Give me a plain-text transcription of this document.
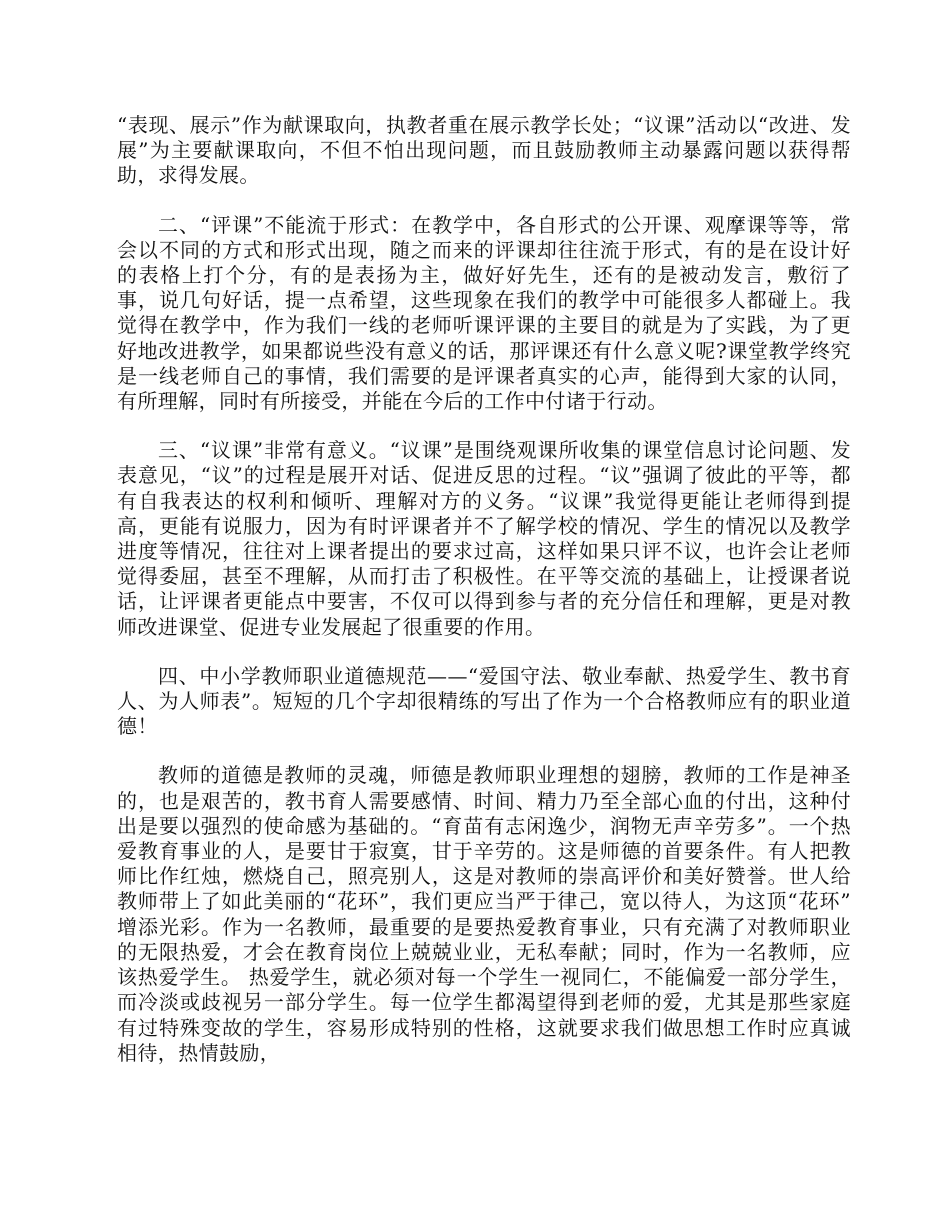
“表现、展示”作为献课取向，执教者重在展示教学长处；“议课”活动以“改进、发展”为主要献课取向，不但不怕出现问题，而且鼓励教师主动暴露问题以获得帮助，求得发展。

二、“评课”不能流于形式：在教学中，各自形式的公开课、观摩课等等，常会以不同的方式和形式出现，随之而来的评课却往往流于形式，有的是在设计好的表格上打个分，有的是表扬为主，做好好先生，还有的是被动发言，敷衍了事，说几句好话，提一点希望，这些现象在我们的教学中可能很多人都碰上。我觉得在教学中，作为我们一线的老师听课评课的主要目的就是为了实践，为了更好地改进教学，如果都说些没有意义的话，那评课还有什么意义呢?课堂教学终究是一线老师自己的事情，我们需要的是评课者真实的心声，能得到大家的认同，有所理解，同时有所接受，并能在今后的工作中付诸于行动。

三、“议课”非常有意义。“议课”是围绕观课所收集的课堂信息讨论问题、发表意见，“议”的过程是展开对话、促进反思的过程。“议”强调了彼此的平等，都有自我表达的权利和倾听、理解对方的义务。“议课”我觉得更能让老师得到提高，更能有说服力，因为有时评课者并不了解学校的情况、学生的情况以及教学进度等情况，往往对上课者提出的要求过高，这样如果只评不议，也许会让老师觉得委屈，甚至不理解，从而打击了积极性。在平等交流的基础上，让授课者说话，让评课者更能点中要害，不仅可以得到参与者的充分信任和理解，更是对教师改进课堂、促进专业发展起了很重要的作用。

四、中小学教师职业道德规范——“爱国守法、敬业奉献、热爱学生、教书育人、为人师表”。短短的几个字却很精练的写出了作为一个合格教师应有的职业道德！

教师的道德是教师的灵魂，师德是教师职业理想的翅膀，教师的工作是神圣的，也是艰苦的，教书育人需要感情、时间、精力乃至全部心血的付出，这种付出是要以强烈的使命感为基础的。“育苗有志闲逸少，润物无声辛劳多”。一个热爱教育事业的人，是要甘于寂寞，甘于辛劳的。这是师德的首要条件。有人把教师比作红烛，燃烧自己，照亮别人，这是对教师的崇高评价和美好赞誉。世人给教师带上了如此美丽的“花环”，我们更应当严于律己，宽以待人，为这顶“花环” 增添光彩。作为一名教师，最重要的是要热爱教育事业，只有充满了对教师职业的无限热爱，才会在教育岗位上兢兢业业，无私奉献；同时，作为一名教师，应该热爱学生。 热爱学生，就必须对每一个学生一视同仁，不能偏爱一部分学生，而冷淡或歧视另一部分学生。每一位学生都渴望得到老师的爱，尤其是那些家庭有过特殊变故的学生，容易形成特别的性格，这就要求我们做思想工作时应真诚相待，热情鼓励，
